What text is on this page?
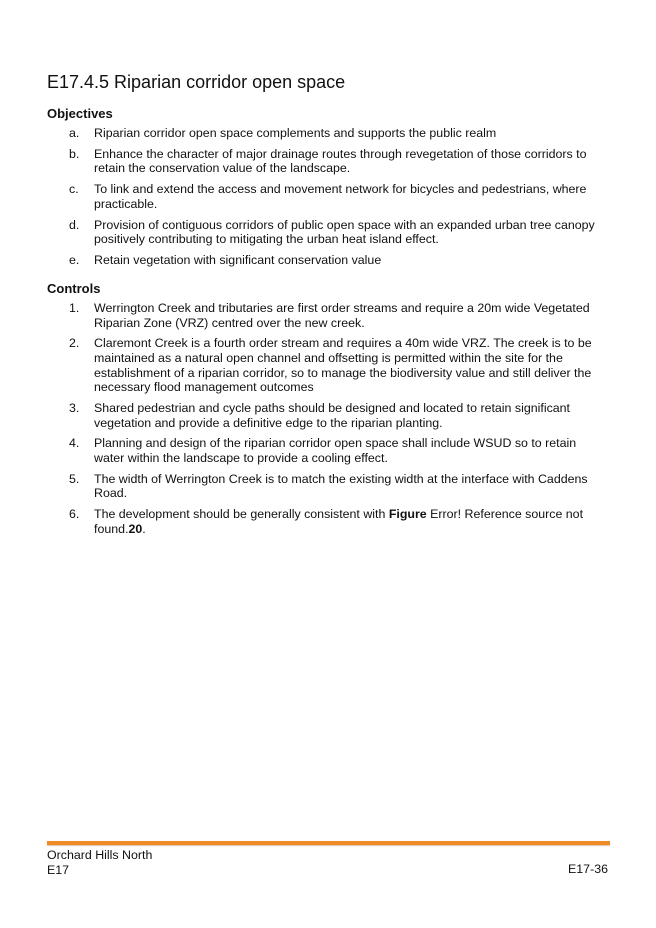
E17.4.5 Riparian corridor open space
Objectives
a.	Riparian corridor open space complements and supports the public realm
b.	Enhance the character of major drainage routes through revegetation of those corridors to retain the conservation value of the landscape.
c.	To link and extend the access and movement network for bicycles and pedestrians, where practicable.
d.	Provision of contiguous corridors of public open space with an expanded urban tree canopy positively contributing to mitigating the urban heat island effect.
e.	Retain vegetation with significant conservation value
Controls
1.	Werrington Creek and tributaries are first order streams and require a 20m wide Vegetated Riparian Zone (VRZ) centred over the new creek.
2.	Claremont Creek is a fourth order stream and requires a 40m wide VRZ. The creek is to be maintained as a natural open channel and offsetting is permitted within the site for the establishment of a riparian corridor, so to manage the biodiversity value and still deliver the necessary flood management outcomes
3.	Shared pedestrian and cycle paths should be designed and located to retain significant vegetation and provide a definitive edge to the riparian planting.
4.	Planning and design of the riparian corridor open space shall include WSUD so to retain water within the landscape to provide a cooling effect.
5.	The width of Werrington Creek is to match the existing width at the interface with Caddens Road.
6.	The development should be generally consistent with Figure Error! Reference source not found.20.
Orchard Hills North
E17	E17-36
